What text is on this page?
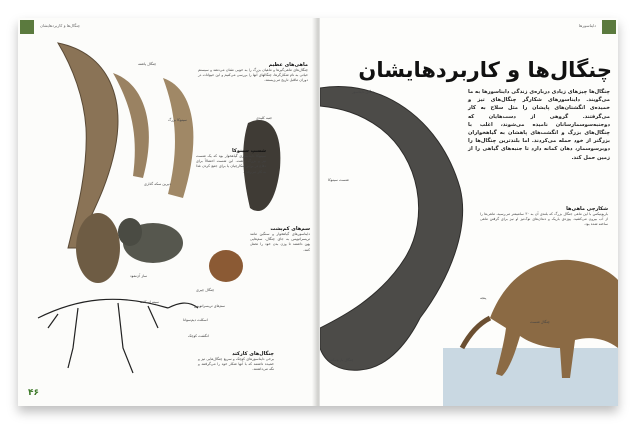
چنگال‌ها و کاربردهایشان
ماهی‌های عظیم
چنگال‌های ماهی‌گیرها و ماهیان بزرگ را به خوبی نشان می‌دهند و سیستم حیاتی به نام شکارگرها، چنگالهای آنها را بررسی می‌کنیم و این حیوانات در دوران ماقبل تاریخ می‌زیستند.
شستِ سینوکا
سینوکا دایناسوری گیاهخوار بود که یک شست تیز و بزرگ داشت. این شست احتمالاً برای دفاع در برابر شکارچیان یا برای جمع کردن غذا به کار می‌رفت.
سم‌های کم‌پشت
دایناسورهای گیاهخوار و سنگین مانند تریسراتوپس به جای چنگال، سم‌هایی پهن داشتند تا وزن بدن خود را تحمل کنند.
چنگال‌های کارکتد
برخی دایناسورهای کوچک و سریع چنگال‌هایی تیز و خمیده داشتند که با آنها شکار خود را می‌گرفتند و نگه می‌داشتند.
چنگال پاشنه
سینوکا بزرگ
دیرین سکه گذاری
جنبه کلیدی
ساز آن‌نمود
چنگال چیری
سم‌های تریسراتوپس
سینه اسکلت
اسکلت دیم‌سوانا
انگشت کوچک
۴۶
دایناسورها
چنگال‌ها و کاربردهایشان
چنگال‌ها چیزهای زیادی درباره‌ی زندگی دایناسورها به ما می‌گویند. دایناسورهای شکارگر چنگال‌های تیز و خمیده‌ی انگشتان‌های پایشان را مثل سلاح به کار می‌گرفتند. گروهی از دست‌هایان که دوجنبه‌سوسمارسانان نامیده می‌شوند، اغلب با چنگال‌های بزرگ و انگشت‌های پاهشان به گیاهخواران بزرگتر از خود حمله می‌کردند. اما بلندترین چنگال‌ها را دوبرسوسمار، دهان کمانه دارد تا جنبه‌های گیاهی را از زمین حمل کند.
شکارچی ماهی‌ها
باریونیکس با این ماهی جنگال بزرگ که بلندی آن به ۳۰ سانتیمتر می‌رسید، ماهی‌ها را از آب بیرون می‌کشید. پوزه‌ی باریک و دندان‌های نوک‌تیز او نیز برای گرفتن ماهی ساخته شده بود.
چنگال دایناسور
شست سینوکا
چنگال باریونیکس
چنگال شست
پنجه
